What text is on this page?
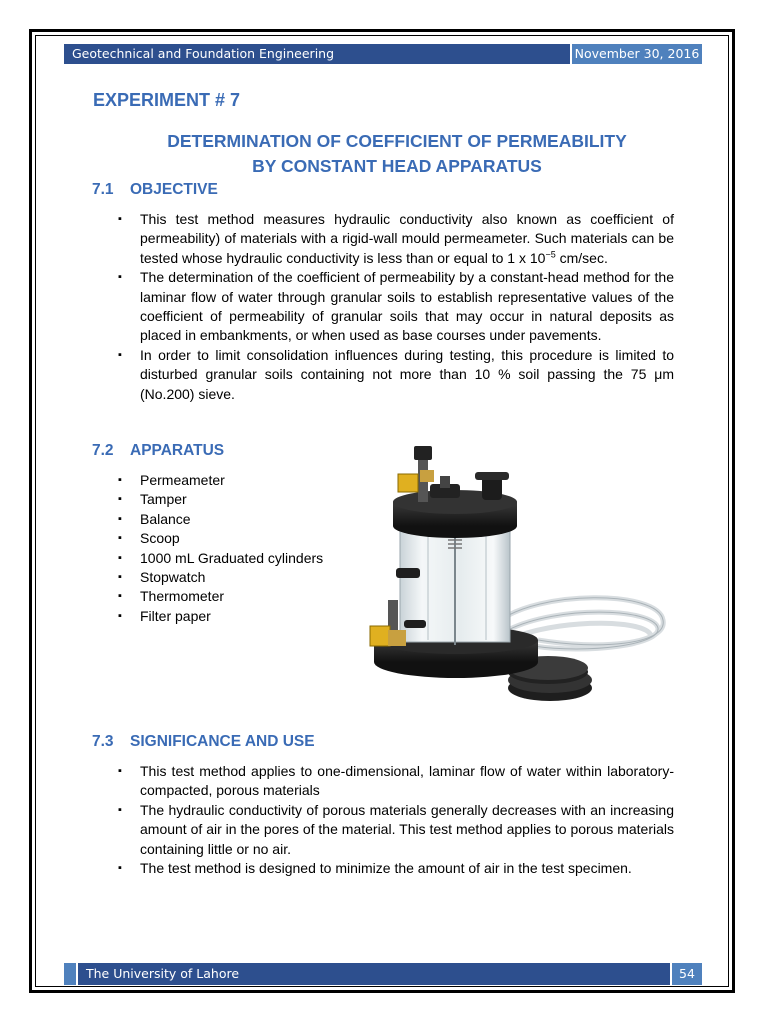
Geotechnical and Foundation Engineering	November 30, 2016
EXPERIMENT # 7
DETERMINATION OF COEFFICIENT OF PERMEABILITY
BY CONSTANT HEAD APPARATUS
7.1 OBJECTIVE
▪ This test method measures hydraulic conductivity also known as coefficient of permeability) of materials with a rigid-wall mould permeameter. Such materials can be tested whose hydraulic conductivity is less than or equal to 1 x $10^{-5}$ cm/sec.
▪ The determination of the coefficient of permeability by a constant-head method for the laminar flow of water through granular soils to establish representative values of the coefficient of permeability of granular soils that may occur in natural deposits as placed in embankments, or when used as base courses under pavements.
▪ In order to limit consolidation influences during testing, this procedure is limited to disturbed granular soils containing not more than 10 % soil passing the 75 μm (No.200) sieve.
7.2 APPARATUS
▪ Permeameter
▪ Tamper
▪ Balance
▪ Scoop
▪ 1000 mL Graduated cylinders
▪ Stopwatch
▪ Thermometer
▪ Filter paper
7.3 SIGNIFICANCE AND USE
▪ This test method applies to one-dimensional, laminar flow of water within laboratory-compacted, porous materials
▪ The hydraulic conductivity of porous materials generally decreases with an increasing amount of air in the pores of the material. This test method applies to porous materials containing little or no air.
▪ The test method is designed to minimize the amount of air in the test specimen.
The University of Lahore	54
